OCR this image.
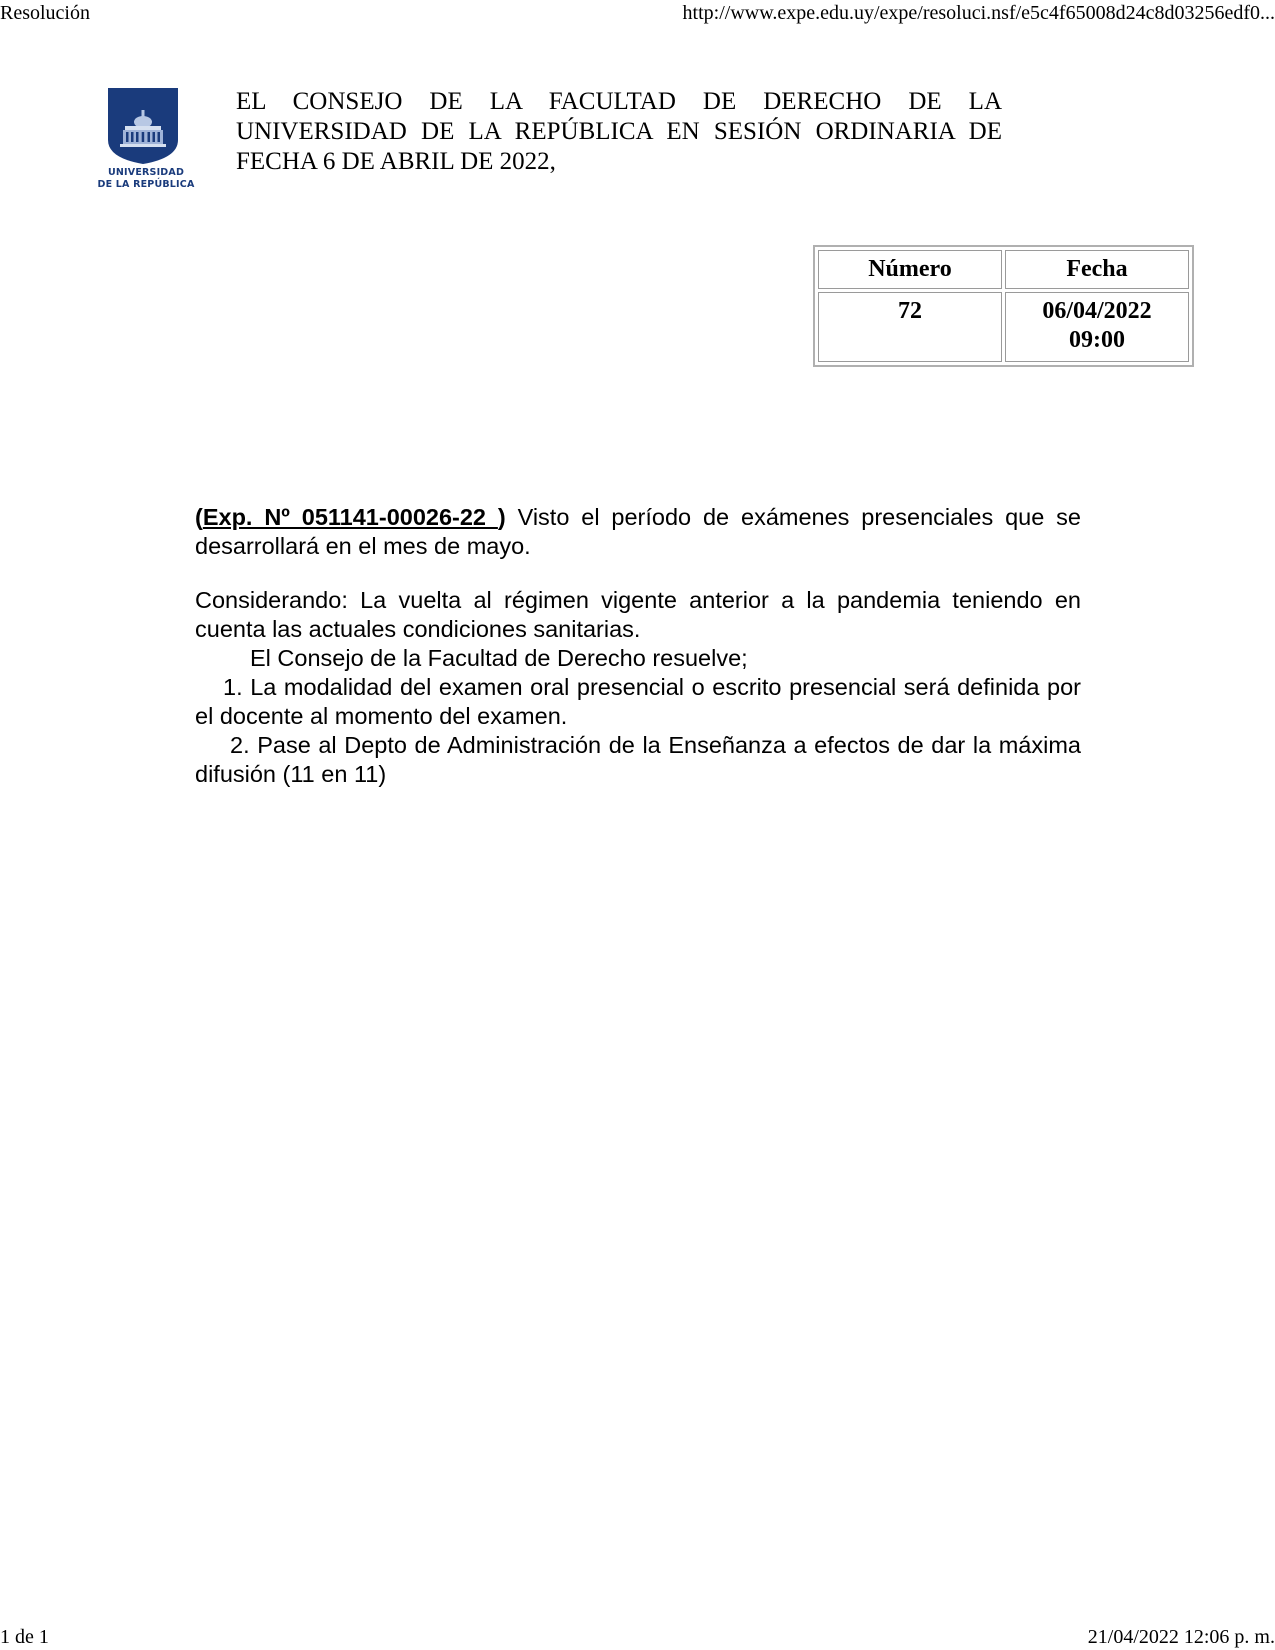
Resolución	http://www.expe.edu.uy/expe/resoluci.nsf/e5c4f65008d24c8d03256edf0...
UNIVERSIDAD
DE LA REPÚBLICA
EL CONSEJO DE LA FACULTAD DE DERECHO DE LA UNIVERSIDAD DE LA REPÚBLICA EN SESIÓN ORDINARIA DE FECHA 6 DE ABRIL DE 2022,
Número	Fecha
72	06/04/2022
09:00

(Exp. Nº 051141-00026-22 ) Visto el período de exámenes presenciales que se desarrollará en el mes de mayo.

Considerando: La vuelta al régimen vigente anterior a la pandemia teniendo en cuenta las actuales condiciones sanitarias.

El Consejo de la Facultad de Derecho resuelve;

1. La modalidad del examen oral presencial o escrito presencial será definida por el docente al momento del examen.

2. Pase al Depto de Administración de la Enseñanza a efectos de dar la máxima difusión (11 en 11)

1 de 1	21/04/2022 12:06 p. m.
